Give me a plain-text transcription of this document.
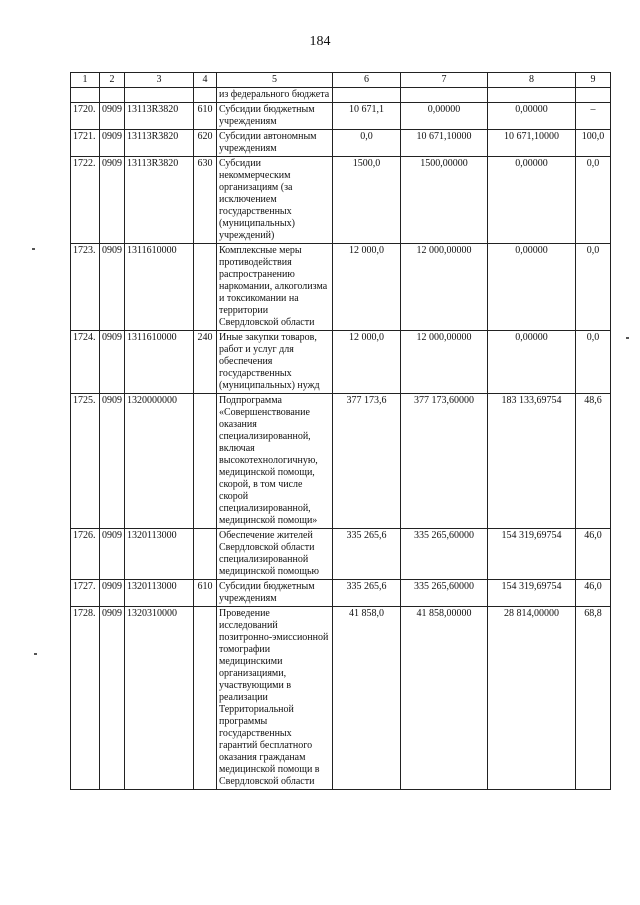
184
1	2	3	4	5	6	7	8	9
				из федерального бюджета				
1720.	0909	13113R3820	610	Субсидии бюджетным учреждениям	10 671,1	0,00000	0,00000	–
1721.	0909	13113R3820	620	Субсидии автономным учреждениям	0,0	10 671,10000	10 671,10000	100,0
1722.	0909	13113R3820	630	Субсидии некоммерческим организациям (за исключением государственных (муниципальных) учреждений)	1500,0	1500,00000	0,00000	0,0
1723.	0909	1311610000		Комплексные меры противодействия распространению наркомании, алкоголизма и токсикомании на территории Свердловской области	12 000,0	12 000,00000	0,00000	0,0
1724.	0909	1311610000	240	Иные закупки товаров, работ и услуг для обеспечения государственных (муниципальных) нужд	12 000,0	12 000,00000	0,00000	0,0
1725.	0909	1320000000		Подпрограмма «Совершенствование оказания специализированной, включая высокотехнологичную, медицинской помощи, скорой, в том числе скорой специализированной, медицинской помощи»	377 173,6	377 173,60000	183 133,69754	48,6
1726.	0909	1320113000		Обеспечение жителей Свердловской области специализированной медицинской помощью	335 265,6	335 265,60000	154 319,69754	46,0
1727.	0909	1320113000	610	Субсидии бюджетным учреждениям	335 265,6	335 265,60000	154 319,69754	46,0
1728.	0909	1320310000		Проведение исследований позитронно-эмиссионной томографии медицинскими организациями, участвующими в реализации Территориальной программы государственных гарантий бесплатного оказания гражданам медицинской помощи в Свердловской области	41 858,0	41 858,00000	28 814,00000	68,8
